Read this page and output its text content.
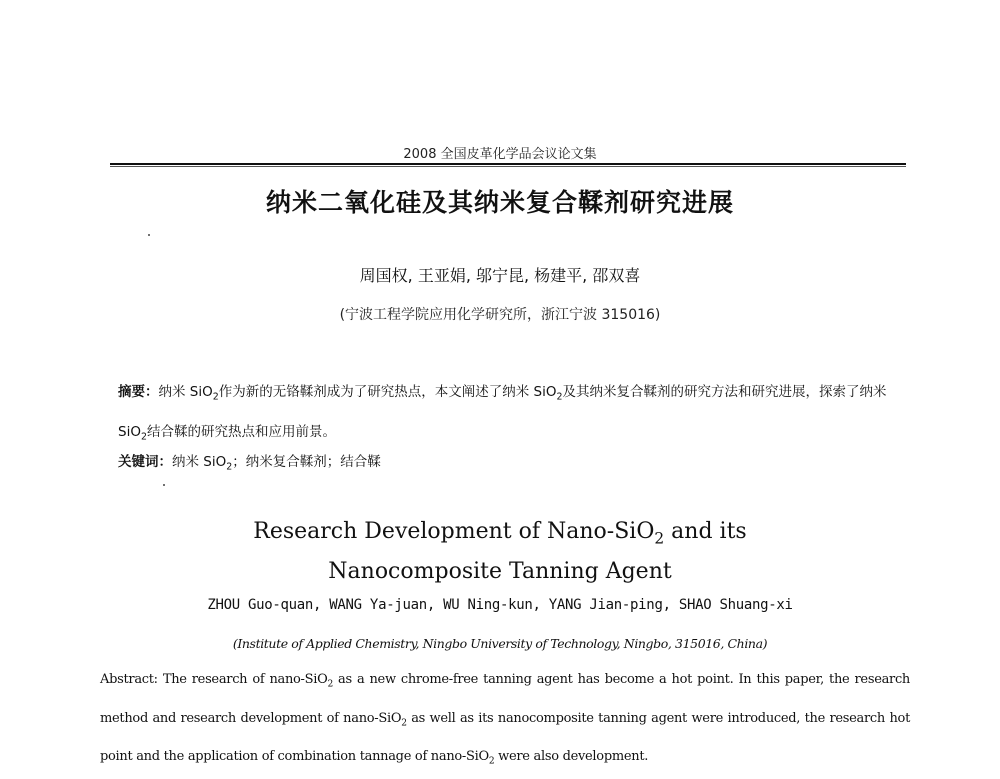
2008 全国皮革化学品会议论文集
纳米二氧化硅及其纳米复合鞣剂研究进展
周国权, 王亚娟, 邬宁昆, 杨建平, 邵双喜
(宁波工程学院应用化学研究所，浙江宁波 315016)
摘要：纳米 SiO$_2$作为新的无铬鞣剂成为了研究热点，本文阐述了纳米 SiO$_2$及其纳米复合鞣剂的研究方法和研究进展，探索了纳米 SiO$_2$结合鞣的研究热点和应用前景。
关键词：纳米 SiO$_2$；纳米复合鞣剂；结合鞣
Research Development of Nano-SiO$_2$ and its
Nanocomposite Tanning Agent
ZHOU Guo-quan, WANG Ya-juan, WU Ning-kun, YANG Jian-ping, SHAO Shuang-xi
(Institute of Applied Chemistry, Ningbo University of Technology, Ningbo, 315016, China)
Abstract: The research of nano-SiO$_2$ as a new chrome-free tanning agent has become a hot point. In this paper, the research method and research development of nano-SiO$_2$ as well as its nanocomposite tanning agent were introduced, the research hot point and the application of combination tannage of nano-SiO$_2$ were also development.
